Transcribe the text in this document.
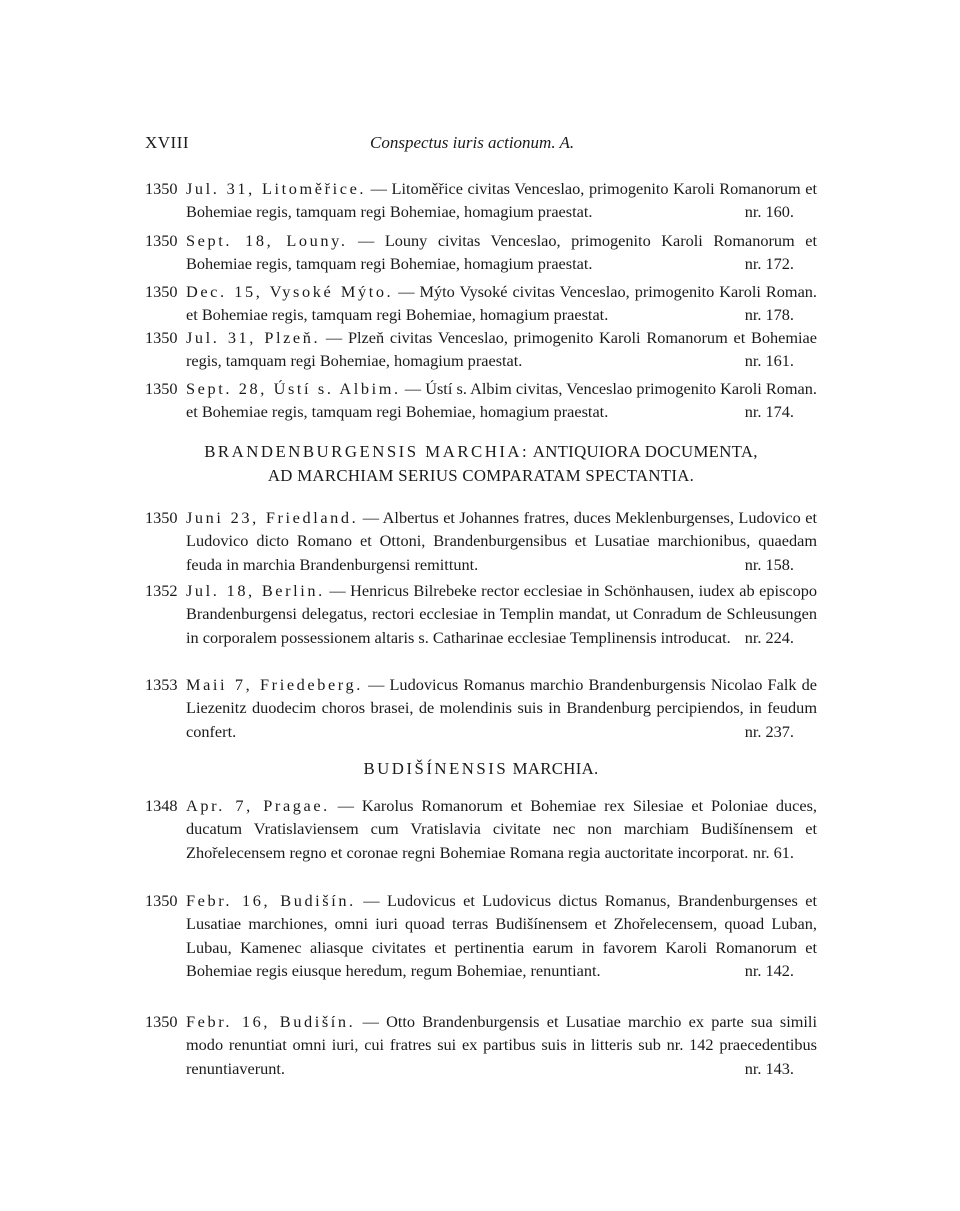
XVIII	Conspectus iuris actionum. A.
1350 Jul. 31, Litoměřice. — Litoměřice civitas Venceslao, primogenito Karoli Romanorum et Bohemiae regis, tamquam regi Bohemiae, homagium praestat.	nr. 160.
1350 Sept. 18, Louny. — Louny civitas Venceslao, primogenito Karoli Romanorum et Bohemiae regis, tamquam regi Bohemiae, homagium praestat.	nr. 172.
1350 Dec. 15, Vysoké Mýto. — Mýto Vysoké civitas Venceslao, primogenito Karoli Roman. et Bohemiae regis, tamquam regi Bohemiae, homagium praestat.	nr. 178.
1350 Jul. 31, Plzeň. — Plzeň civitas Venceslao, primogenito Karoli Romanorum et Bohemiae regis, tamquam regi Bohemiae, homagium praestat.	nr. 161.
1350 Sept. 28, Ústí s. Albim. — Ústí s. Albim civitas, Venceslao primogenito Karoli Roman. et Bohemiae regis, tamquam regi Bohemiae, homagium praestat.	nr. 174.
BRANDENBURGENSIS MARCHIA: ANTIQUIORA DOCUMENTA,
AD MARCHIAM SERIUS COMPARATAM SPECTANTIA.
1350 Juni 23, Friedland. — Albertus et Johannes fratres, duces Meklenburgenses, Ludovico et Ludovico dicto Romano et Ottoni, Brandenburgensibus et Lusatiae marchionibus, quaedam feuda in marchia Brandenburgensi remittunt.	nr. 158.
1352 Jul. 18, Berlin. — Henricus Bilrebeke rector ecclesiae in Schönhausen, iudex ab episcopo Brandenburgensi delegatus, rectori ecclesiae in Templin mandat, ut Conradum de Schleusungen in corporalem possessionem altaris s. Catharinae ecclesiae Templinensis introducat. nr. 224.
1353 Maii 7, Friedeberg. — Ludovicus Romanus marchio Brandenburgensis Nicolao Falk de Liezenitz duodecim choros brasei, de molendinis suis in Brandenburg percipiendos, in feudum confert.	nr. 237.
BUDIŠÍNENSIS MARCHIA.
1348 Apr. 7, Pragae. — Karolus Romanorum et Bohemiae rex Silesiae et Poloniae duces, ducatum Vratislaviensem cum Vratislavia civitate nec non marchiam Budišínensem et Zhořelecensem regno et coronae regni Bohemiae Romana regia auctoritate incorporat. nr. 61.
1350 Febr. 16, Budišín. — Ludovicus et Ludovicus dictus Romanus, Brandenburgenses et Lusatiae marchiones, omni iuri quoad terras Budišínensem et Zhořelecensem, quoad Luban, Lubau, Kamenec aliasque civitates et pertinentia earum in favorem Karoli Romanorum et Bohemiae regis eiusque heredum, regum Bohemiae, renuntiant.	nr. 142.
1350 Febr. 16, Budišín. — Otto Brandenburgensis et Lusatiae marchio ex parte sua simili modo renuntiat omni iuri, cui fratres sui ex partibus suis in litteris sub nr. 142 praecedentibus renuntiaverunt.	nr. 143.
